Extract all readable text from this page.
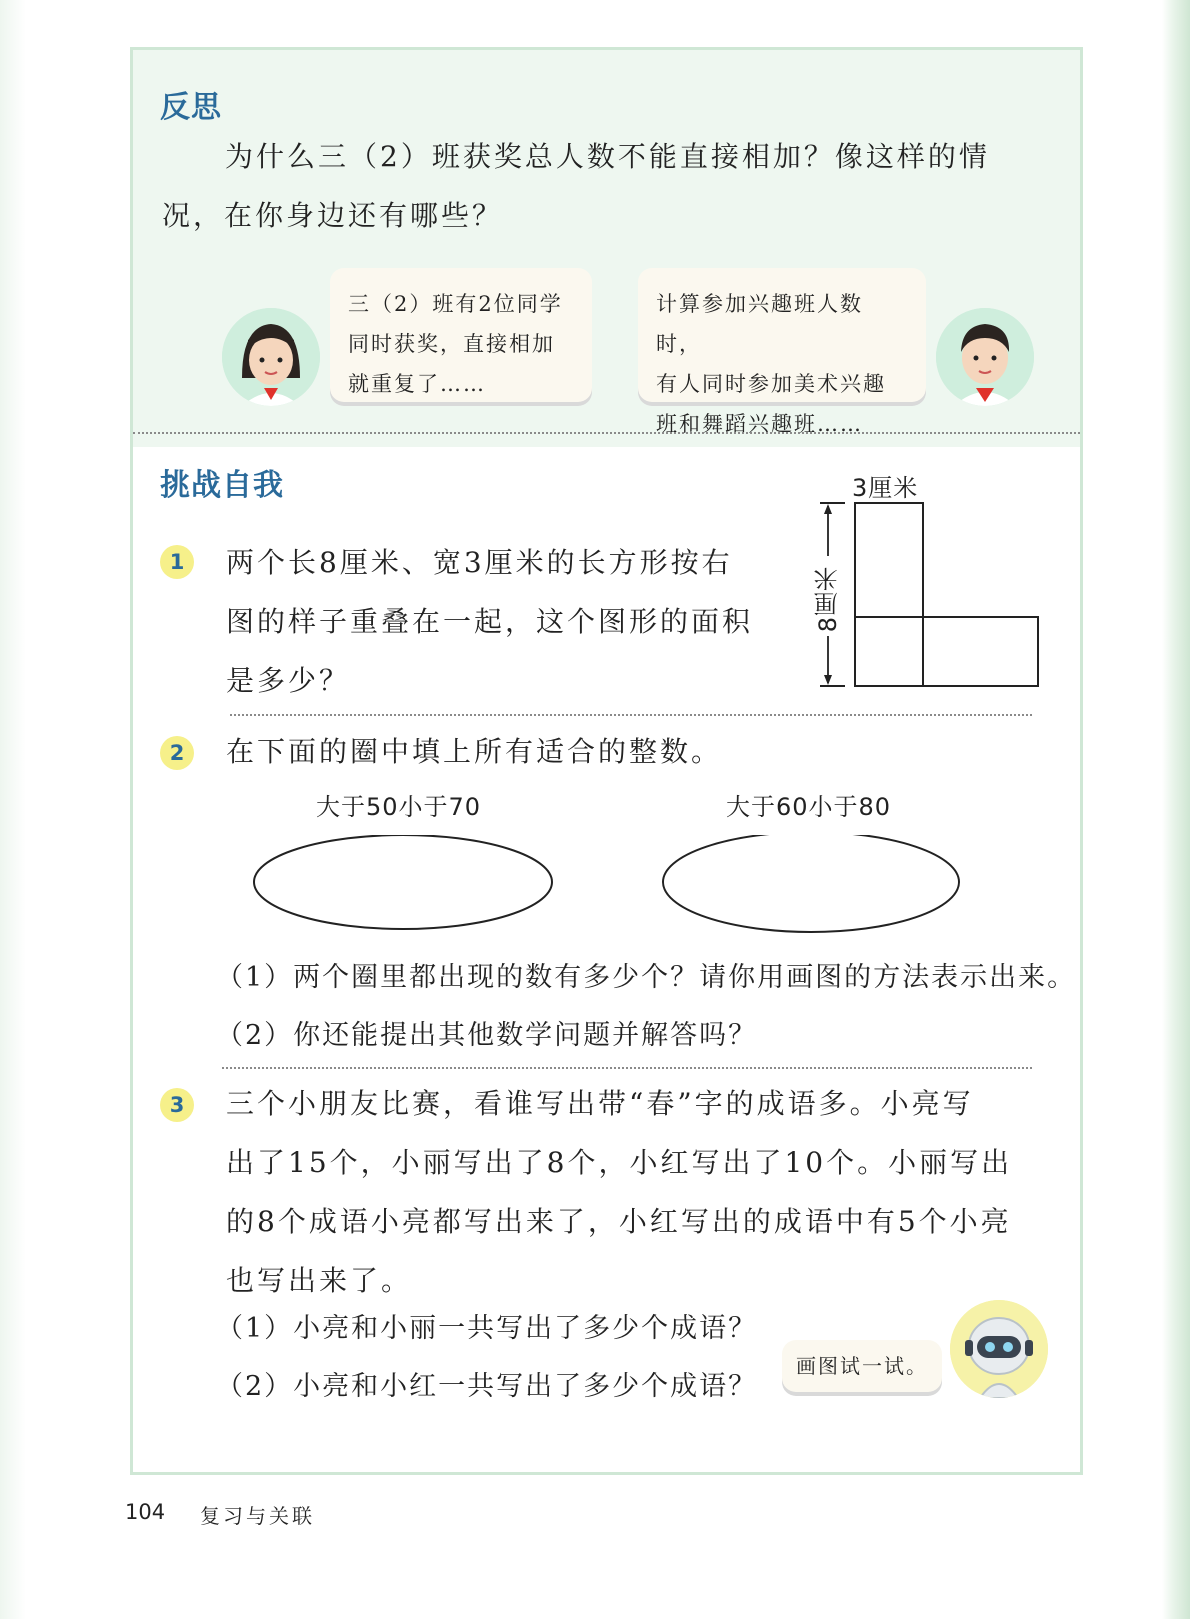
反思
为什么三（2）班获奖总人数不能直接相加？像这样的情
况，在你身边还有哪些？
三（2）班有2位同学
同时获奖，直接相加
就重复了……
计算参加兴趣班人数时，
有人同时参加美术兴趣
班和舞蹈兴趣班……
挑战自我
1	两个长8厘米、宽3厘米的长方形按右
图的样子重叠在一起，这个图形的面积
是多少？
3厘米
8厘米
2	在下面的圈中填上所有适合的整数。
大于50小于70	大于60小于80
（1）两个圈里都出现的数有多少个？请你用画图的方法表示出来。
（2）你还能提出其他数学问题并解答吗？
3	三个小朋友比赛，看谁写出带“春”字的成语多。小亮写
出了15个，小丽写出了8个，小红写出了10个。小丽写出
的8个成语小亮都写出来了，小红写出的成语中有5个小亮
也写出来了。
（1）小亮和小丽一共写出了多少个成语？
（2）小亮和小红一共写出了多少个成语？
画图试一试。
104 复习与关联
